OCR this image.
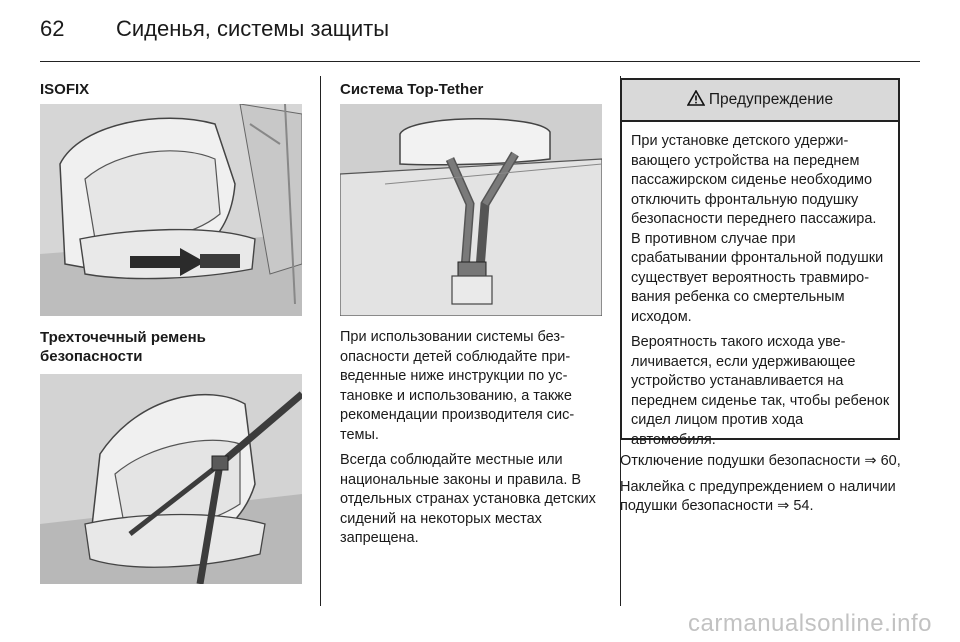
62 Сиденья, системы защиты
ISOFIX
Трехточечный ремень безопасности
Система Top-Tether

При использовании системы безопасности детей соблюдайте приведенные ниже инструкции по установке и использованию, а также рекомендации производителя системы.

Всегда соблюдайте местные или национальные законы и правила. В отдельных странах установка детских сидений на некоторых местах запрещена.

Предупреждение

При установке детского удерживающего устройства на переднем пассажирском сиденье необходимо отключить фронтальную подушку безопасности переднего пассажира. В противном случае при срабатывании фронтальной подушки существует вероятность травмирования ребенка со смертельным исходом.

Вероятность такого исхода увеличивается, если удерживающее устройство устанавливается на переднем сиденье так, чтобы ребенок сидел лицом против хода автомобиля.

Отключение подушки безопасности ⇒ 60,

Наклейка с предупреждением о наличии подушки безопасности ⇒ 54.

carmanualsonline.info
